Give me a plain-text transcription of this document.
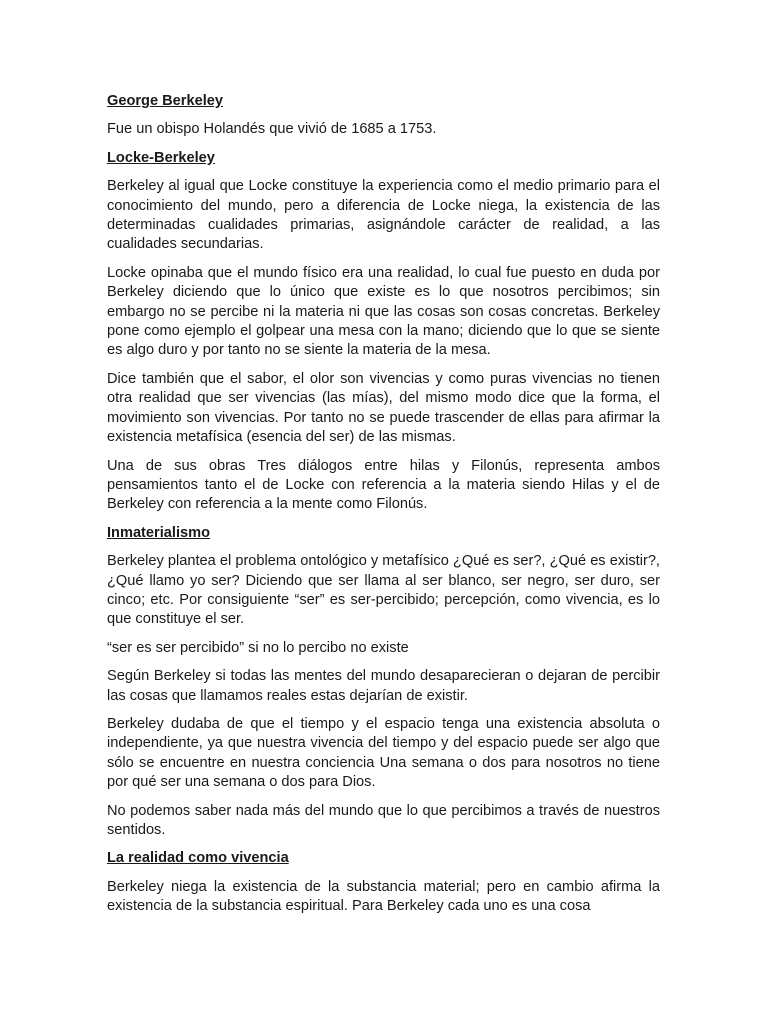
George Berkeley
Fue un obispo Holandés que vivió de 1685 a 1753.
Locke-Berkeley
Berkeley al igual que Locke constituye la experiencia como el medio primario para el conocimiento del mundo, pero a diferencia de Locke niega, la existencia de las determinadas cualidades primarias, asignándole carácter de realidad, a las cualidades secundarias.
Locke opinaba que el mundo físico era una realidad, lo cual fue puesto en duda por Berkeley diciendo que lo único que existe es lo que nosotros percibimos; sin embargo no se percibe ni la materia ni que las cosas son cosas concretas. Berkeley pone como ejemplo el golpear una mesa con la mano; diciendo que lo que se siente es algo duro y por tanto no se siente la materia de la mesa.
Dice también que el sabor, el olor son vivencias y como puras vivencias no tienen otra realidad que ser vivencias (las mías), del mismo modo dice que la forma, el movimiento son vivencias. Por tanto no se puede trascender de ellas para afirmar la existencia metafísica (esencia del ser) de las mismas.
Una de sus obras Tres diálogos entre hilas y Filonús, representa ambos pensamientos tanto el de Locke con referencia a la materia siendo Hilas y el de Berkeley con referencia a la mente como Filonús.
Inmaterialismo
Berkeley plantea el problema ontológico y metafísico ¿Qué es ser?, ¿Qué es existir?, ¿Qué llamo yo ser? Diciendo que ser llama al ser blanco, ser negro, ser duro, ser cinco; etc. Por consiguiente “ser” es ser-percibido; percepción, como vivencia, es lo que constituye el ser.
“ser es ser percibido” si no lo percibo no existe
Según Berkeley si todas las mentes del mundo desaparecieran o dejaran de percibir las cosas que llamamos reales estas dejarían de existir.
Berkeley dudaba de que el tiempo y el espacio tenga una existencia absoluta o independiente, ya que nuestra vivencia del tiempo y del espacio puede ser algo que sólo se encuentre en nuestra conciencia Una semana o dos para nosotros no tiene por qué ser una semana o dos para Dios.
No podemos saber nada más del mundo que lo que percibimos a través de nuestros sentidos.
La realidad como vivencia
Berkeley niega la existencia de la substancia material; pero en cambio afirma la existencia de la substancia espiritual. Para Berkeley cada uno es una cosa
